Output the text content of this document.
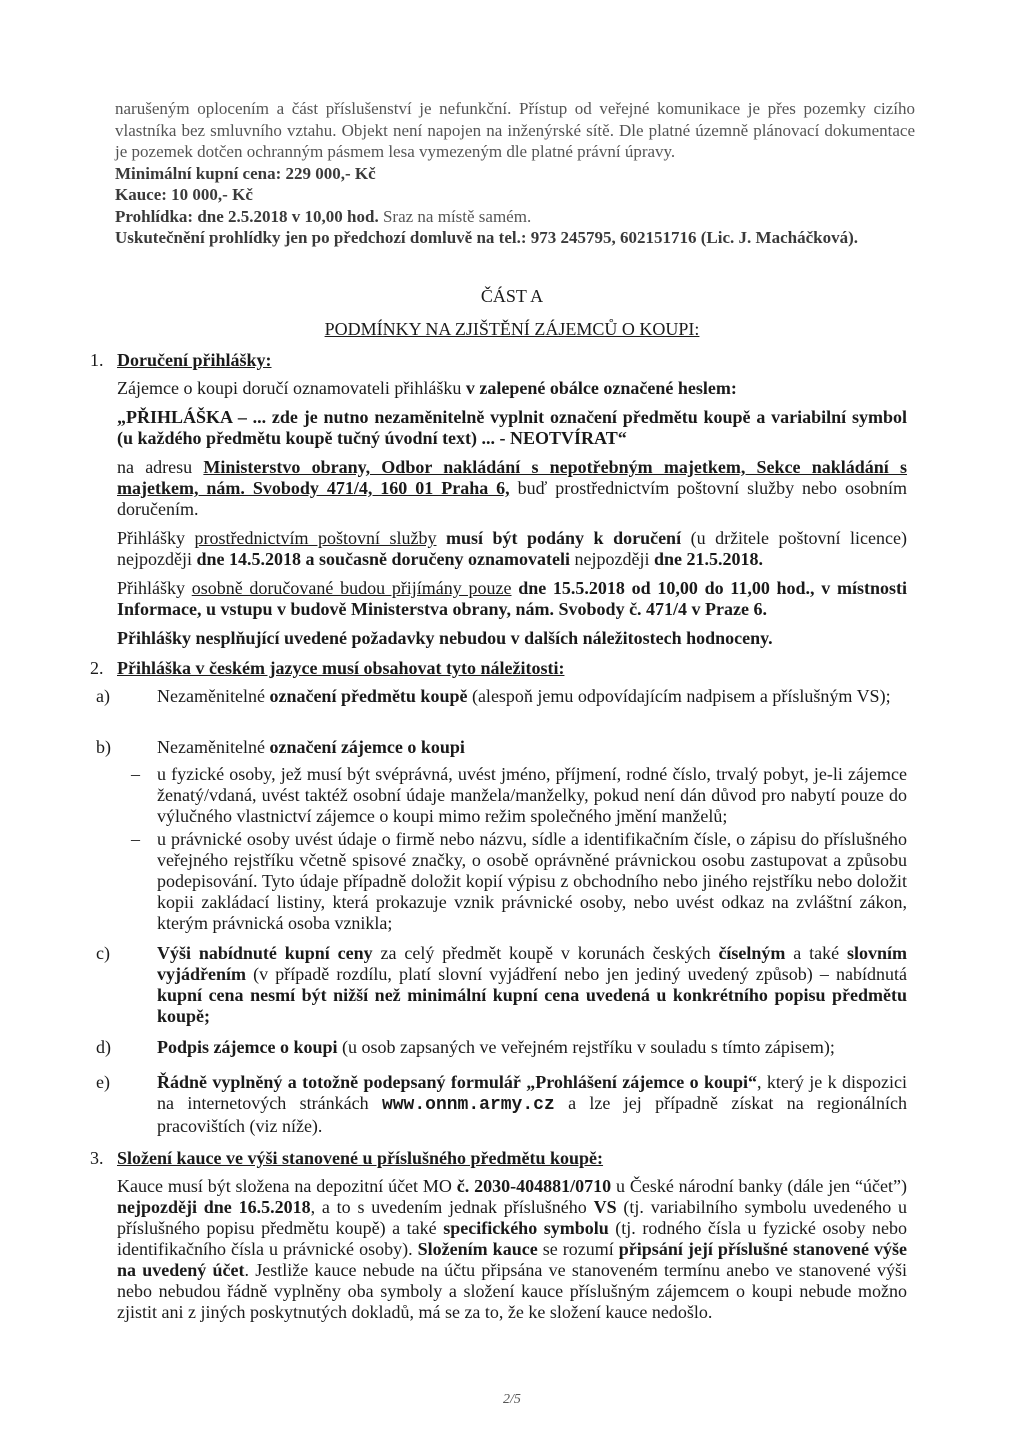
narušeným oplocením a část příslušenství je nefunkční. Přístup od veřejné komunikace je přes pozemky cizího vlastníka bez smluvního vztahu. Objekt není napojen na inženýrské sítě. Dle platné územně plánovací dokumentace je pozemek dotčen ochranným pásmem lesa vymezeným dle platné právní úpravy.

Minimální kupní cena: 229 000,- Kč

Kauce: 10 000,- Kč

Prohlídka: dne 2.5.2018 v 10,00 hod. Sraz na místě samém.

Uskutečnění prohlídky jen po předchozí domluvě na tel.: 973 245795, 602151716 (Lic. J. Macháčková).

ČÁST A
PODMÍNKY NA ZJIŠTĚNÍ ZÁJEMCŮ O KOUPI:
1. Doručení přihlášky:

Zájemce o koupi doručí oznamovateli přihlášku v zalepené obálce označené heslem:

„PŘIHLÁŠKA – ... zde je nutno nezaměnitelně vyplnit označení předmětu koupě a variabilní symbol (u každého předmětu koupě tučný úvodní text) ... - NEOTVÍRAT“

na adresu Ministerstvo obrany, Odbor nakládání s nepotřebným majetkem, Sekce nakládání s majetkem, nám. Svobody 471/4, 160 01 Praha 6, buď prostřednictvím poštovní služby nebo osobním doručením.

Přihlášky prostřednictvím poštovní služby musí být podány k doručení (u držitele poštovní licence) nejpozději dne 14.5.2018 a současně doručeny oznamovateli nejpozději dne 21.5.2018.

Přihlášky osobně doručované budou přijímány pouze dne 15.5.2018 od 10,00 do 11,00 hod., v místnosti Informace, u vstupu v budově Ministerstva obrany, nám. Svobody č. 471/4 v Praze 6.

Přihlášky nesplňující uvedené požadavky nebudou v dalších náležitostech hodnoceny.

2. Přihláška v českém jazyce musí obsahovat tyto náležitosti:
a)	Nezaměnitelné označení předmětu koupě (alespoň jemu odpovídajícím nadpisem a příslušným VS);

b)	Nezaměnitelné označení zájemce o koupi

– u fyzické osoby, jež musí být svéprávná, uvést jméno, příjmení, rodné číslo, trvalý pobyt, je-li zájemce ženatý/vdaná, uvést taktéž osobní údaje manžela/manželky, pokud není dán důvod pro nabytí pouze do výlučného vlastnictví zájemce o koupi mimo režim společného jmění manželů;

– u právnické osoby uvést údaje o firmě nebo názvu, sídle a identifikačním čísle, o zápisu do příslušného veřejného rejstříku včetně spisové značky, o osobě oprávněné právnickou osobu zastupovat a způsobu podepisování. Tyto údaje případně doložit kopií výpisu z obchodního nebo jiného rejstříku nebo doložit kopii zakládací listiny, která prokazuje vznik právnické osoby, nebo uvést odkaz na zvláštní zákon, kterým právnická osoba vznikla;

c)	Výši nabídnuté kupní ceny za celý předmět koupě v korunách českých číselným a také slovním vyjádřením (v případě rozdílu, platí slovní vyjádření nebo jen jediný uvedený způsob) – nabídnutá kupní cena nesmí být nižší než minimální kupní cena uvedená u konkrétního popisu předmětu koupě;

d)	Podpis zájemce o koupi (u osob zapsaných ve veřejném rejstříku v souladu s tímto zápisem);

e)	Řádně vyplněný a totožně podepsaný formulář „Prohlášení zájemce o koupi“, který je k dispozici na internetových stránkách www.onnm.army.cz a lze jej případně získat na regionálních pracovištích (viz níže).

3. Složení kauce ve výši stanovené u příslušného předmětu koupě:

Kauce musí být složena na depozitní účet MO č. 2030-404881/0710 u České národní banky (dále jen “účet”) nejpozději dne 16.5.2018, a to s uvedením jednak příslušného VS (tj. variabilního symbolu uvedeného u příslušného popisu předmětu koupě) a také specifického symbolu (tj. rodného čísla u fyzické osoby nebo identifikačního čísla u právnické osoby). Složením kauce se rozumí připsání její příslušné stanovené výše na uvedený účet. Jestliže kauce nebude na účtu připsána ve stanoveném termínu anebo ve stanovené výši nebo nebudou řádně vyplněny oba symboly a složení kauce příslušným zájemcem o koupi nebude možno zjistit ani z jiných poskytnutých dokladů, má se za to, že ke složení kauce nedošlo.

2/5
